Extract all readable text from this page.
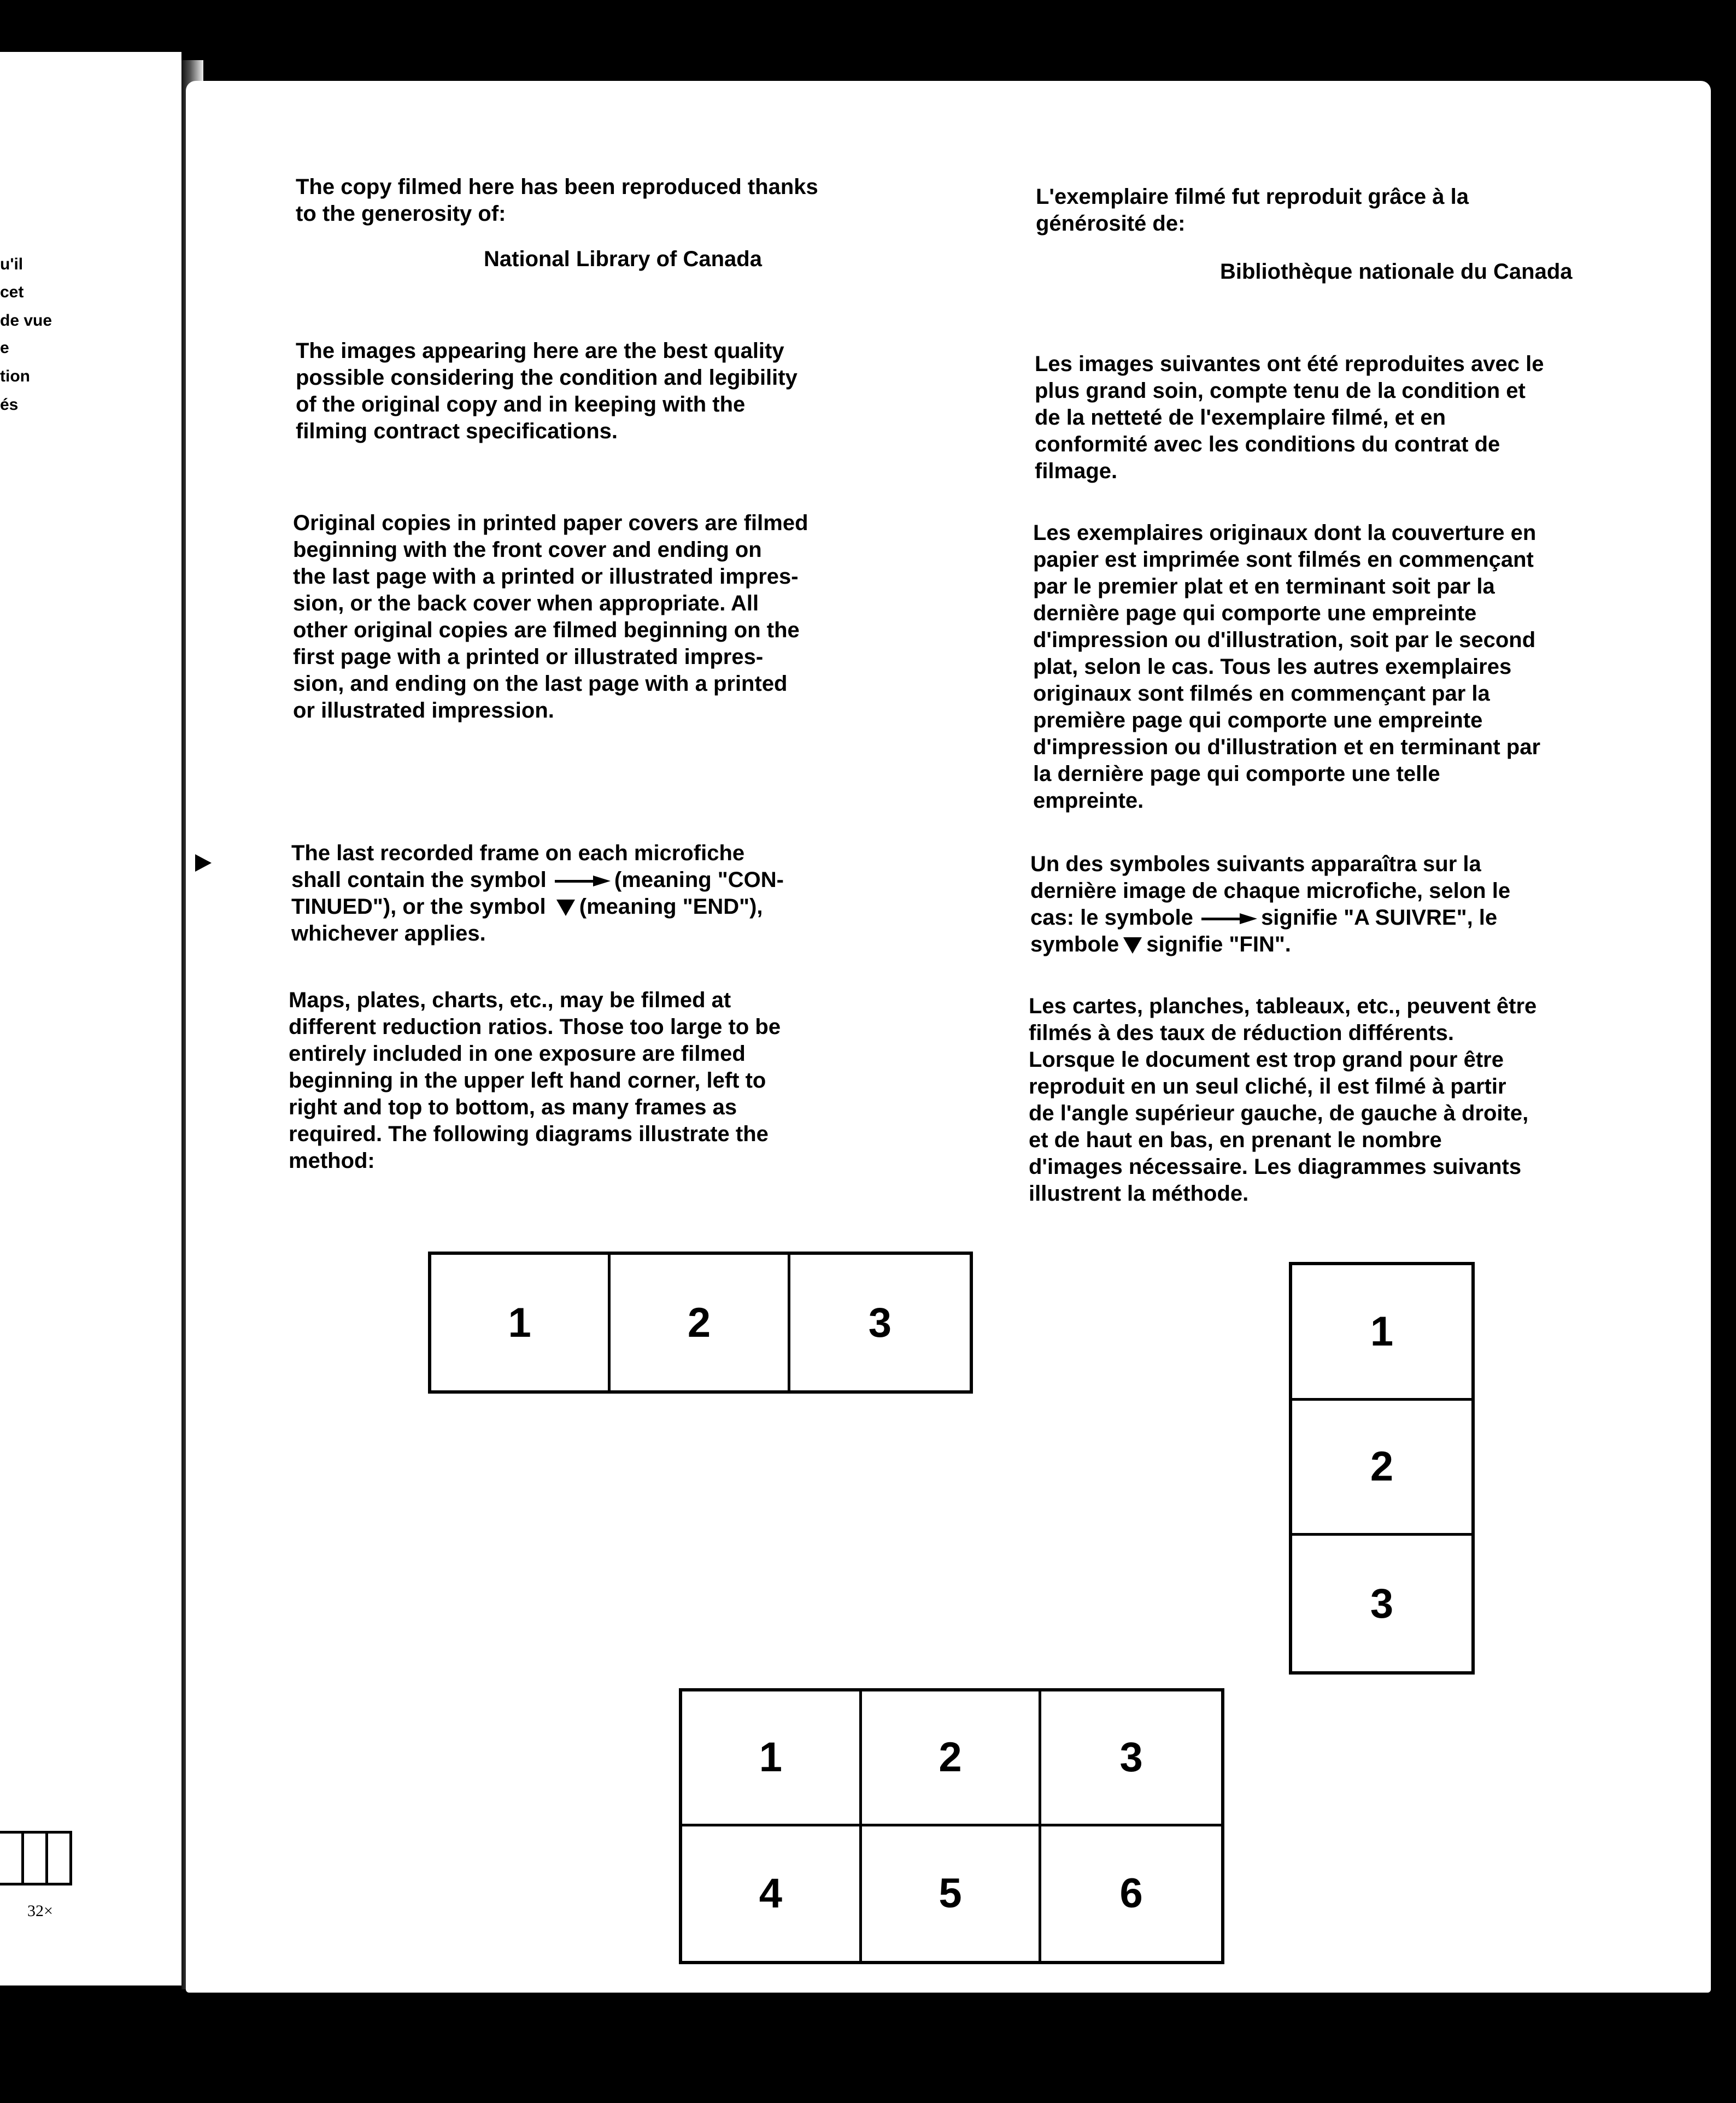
u'il
cet
de vue
e
tion
és
32×

The copy filmed here has been reproduced thanks
to the generosity of:

National Library of Canada

The images appearing here are the best quality
possible considering the condition and legibility
of the original copy and in keeping with the
filming contract specifications.

Original copies in printed paper covers are filmed
beginning with the front cover and ending on
the last page with a printed or illustrated impres-
sion, or the back cover when appropriate. All
other original copies are filmed beginning on the
first page with a printed or illustrated impres-
sion, and ending on the last page with a printed
or illustrated impression.

The last recorded frame on each microfiche
shall contain the symbol	(meaning "CON-
TINUED"), or the symbol (meaning "END"),
whichever applies.

Maps, plates, charts, etc., may be filmed at
different reduction ratios. Those too large to be
entirely included in one exposure are filmed
beginning in the upper left hand corner, left to
right and top to bottom, as many frames as
required. The following diagrams illustrate the
method:

L'exemplaire filmé fut reproduit grâce à la
générosité de:

Bibliothèque nationale du Canada

Les images suivantes ont été reproduites avec le
plus grand soin, compte tenu de la condition et
de la netteté de l'exemplaire filmé, et en
conformité avec les conditions du contrat de
filmage.

Les exemplaires originaux dont la couverture en
papier est imprimée sont filmés en commençant
par le premier plat et en terminant soit par la
dernière page qui comporte une empreinte
d'impression ou d'illustration, soit par le second
plat, selon le cas. Tous les autres exemplaires
originaux sont filmés en commençant par la
première page qui comporte une empreinte
d'impression ou d'illustration et en terminant par
la dernière page qui comporte une telle
empreinte.

Un des symboles suivants apparaîtra sur la
dernière image de chaque microfiche, selon le
cas: le symbole	signifie "A SUIVRE", le
symbole signifie "FIN".

Les cartes, planches, tableaux, etc., peuvent être
filmés à des taux de réduction différents.
Lorsque le document est trop grand pour être
reproduit en un seul cliché, il est filmé à partir
de l'angle supérieur gauche, de gauche à droite,
et de haut en bas, en prenant le nombre
d'images nécessaire. Les diagrammes suivants
illustrent la méthode.

1	2	3	1
2
3
1	2	3
4	5	6
